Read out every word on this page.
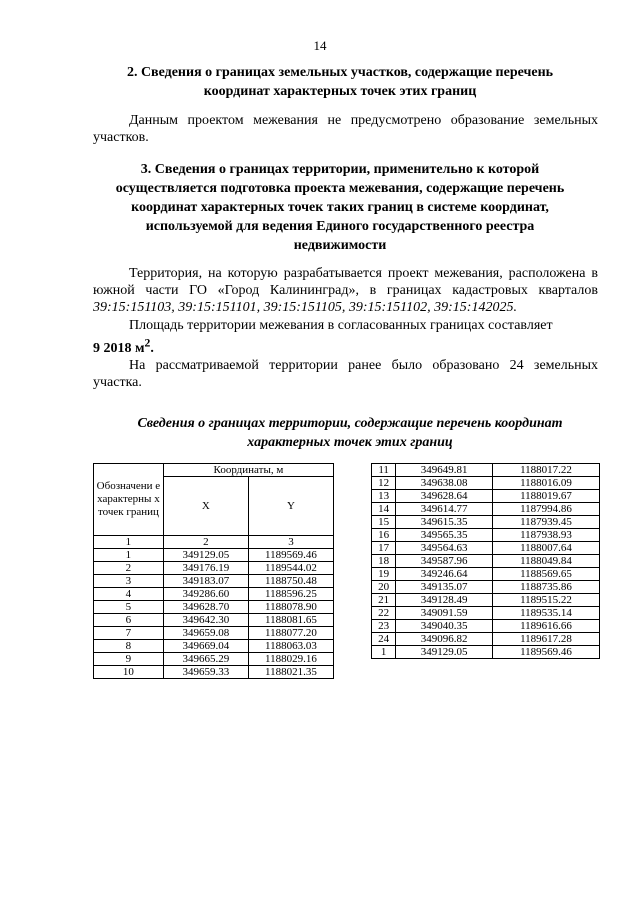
14
2. Сведения о границах земельных участков, содержащие перечень
координат характерных точек этих границ
Данным проектом межевания не предусмотрено образование земельных участков.
3. Сведения о границах территории, применительно к которой
осуществляется подготовка проекта межевания, содержащие перечень
координат характерных точек таких границ в системе координат,
используемой для ведения Единого государственного реестра
недвижимости
Территория, на которую разрабатывается проект межевания, расположена в южной части ГО «Город Калининград», в границах кадастровых кварталов 39:15:151103, 39:15:151101, 39:15:151105, 39:15:151102, 39:15:142025.
Площадь территории межевания в согласованных границах составляет
9 2018 $м^2$.
На рассматриваемой территории ранее было образовано 24 земельных участка.
Сведения о границах территории, содержащие перечень координат
характерных точек этих границ
Обозначени е характерны х точек границ	Координаты, м	
	X	Y
1	2	3
1	349129.05	1189569.46
2	349176.19	1189544.02
3	349183.07	1188750.48
4	349286.60	1188596.25
5	349628.70	1188078.90
6	349642.30	1188081.65
7	349659.08	1188077.20
8	349669.04	1188063.03
9	349665.29	1188029.16
10	349659.33	1188021.35
11	349649.81	1188017.22
12	349638.08	1188016.09
13	349628.64	1188019.67
14	349614.77	1187994.86
15	349615.35	1187939.45
16	349565.35	1187938.93
17	349564.63	1188007.64
18	349587.96	1188049.84
19	349246.64	1188569.65
20	349135.07	1188735.86
21	349128.49	1189515.22
22	349091.59	1189535.14
23	349040.35	1189616.66
24	349096.82	1189617.28
1	349129.05	1189569.46
